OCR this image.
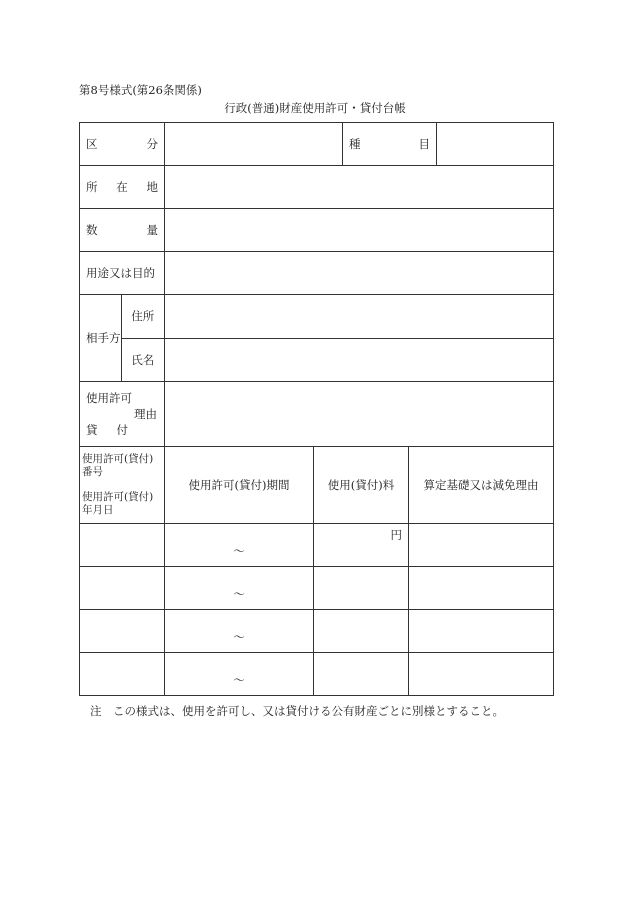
第8号様式(第26条関係)
行政(普通)財産使用許可・貸付台帳
区 分			種 目		

所 在 地					

数 量					

用途又は目的					

相手方
住所
氏名					

使用許可
理由
貸 付					

使用許可(貸付)
番号
使用許可(貸付)
年月日	使用許可(貸付)期間	使用(貸付)料		算定基礎又は減免理由	
	～	円			
	～				
	～				
	～				
注　この様式は、使用を許可し、又は貸付ける公有財産ごとに別様とすること。
